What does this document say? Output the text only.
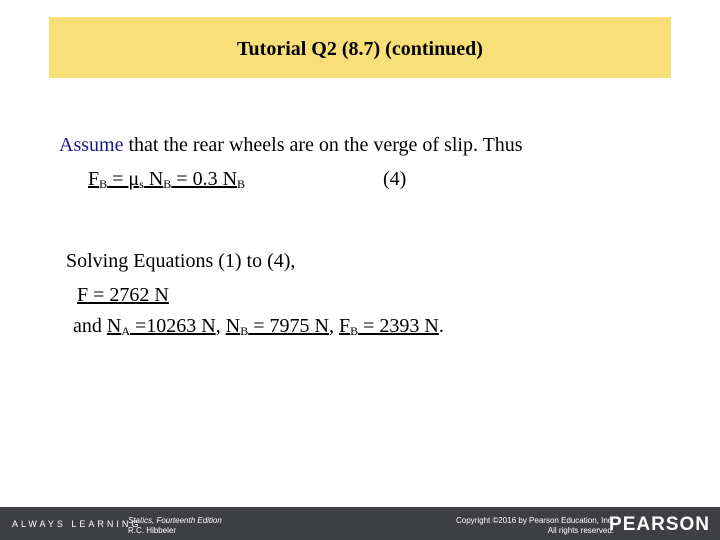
Tutorial Q2 (8.7) (continued)
Assume that the rear wheels are on the verge of slip. Thus
$F_B = \mu_s$ $N_B = 0.3$ $N_B$	(4)
Solving Equations (1) to (4),
F = 2762 N
and $N_A =10263$ N, $N_B = 7975$ N, $F_B = 2393$ N.
ALWAYS LEARNING
Statics, Fourteenth Edition
R.C. Hibbeler
Copyright ©2016 by Pearson Education, Inc.
All rights reserved.
PEARSON
